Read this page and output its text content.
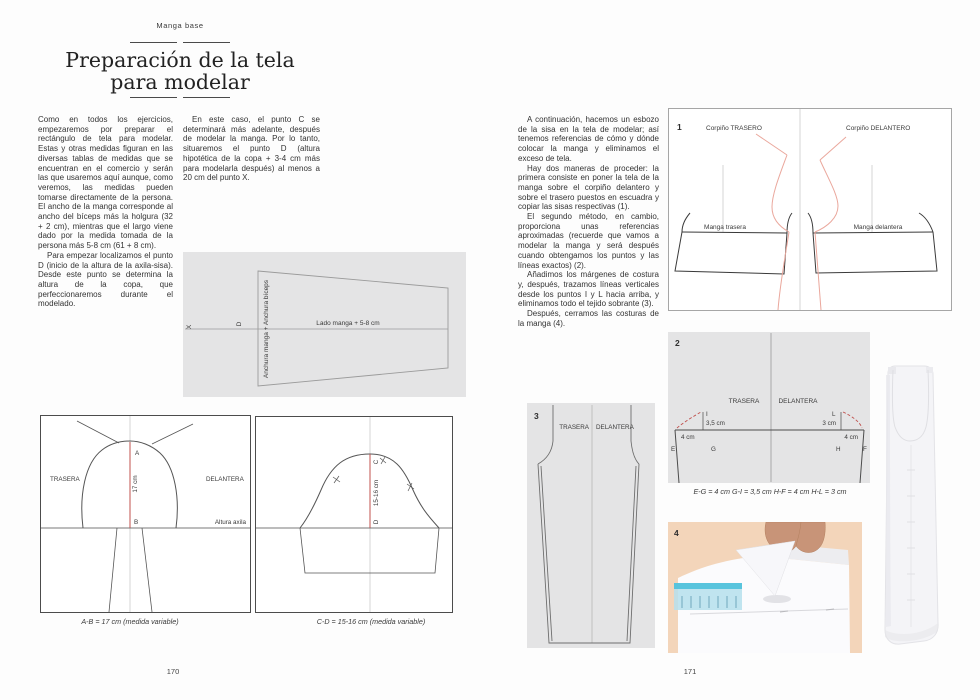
Manga base
Preparación de la tela
para modelar

Como en todos los ejercicios, empezaremos por preparar el rectángulo de tela para modelar. Estas y otras medidas figuran en las diversas tablas de medidas que se encuentran en el comercio y serán las que usaremos aquí aunque, como veremos, las medidas pueden tomarse directamente de la persona. El ancho de la manga corresponde al ancho del bíceps más la holgura (32 + 2 cm), mientras que el largo viene dado por la medida tomada de la persona más 5-8 cm (61 + 8 cm).

Para empezar localizamos el punto D (inicio de la altura de la axila-sisa). Desde este punto se determina la altura de la copa, que perfeccionaremos durante el modelado.

En este caso, el punto C se determinará más adelante, después de modelar la manga. Por lo tanto, situaremos el punto D (altura hipotética de la copa + 3-4 cm más para modelarla después) al menos a 20 cm del punto X.

X
D	Anchura manga + Anchura bíceps	Lado manga + 5-8 cm
TRASERA	DELANTERA
A
B
17 cm
Altura axila
A-B = 17 cm (medida variable)
C
15-16 cm
D
C-D = 15-16 cm (medida variable)
170

A continuación, hacemos un esbozo de la sisa en la tela de modelar; así tenemos referencias de cómo y dónde colocar la manga y eliminamos el exceso de tela.

Hay dos maneras de proceder: la primera consiste en poner la tela de la manga sobre el corpiño delantero y sobre el trasero puestos en escuadra y copiar las sisas respectivas (1).

El segundo método, en cambio, proporciona unas referencias aproximadas (recuerde que vamos a modelar la manga y será después cuando obtengamos los puntos y las líneas exactos) (2).

Añadimos los márgenes de costura y, después, trazamos líneas verticales desde los puntos I y L hacia arriba, y eliminamos todo el tejido sobrante (3).

Después, cerramos las costuras de la manga (4).

1	Corpiño TRASERO	Corpiño DELANTERO
Manga trasera	Manga delantera
2
TRASERA	DELANTERA
I
3,5 cm
L
3 cm
4 cm	4 cm
E	G	H	F
E-G = 4 cm G-I = 3,5 cm H-F = 4 cm H-L = 3 cm
3
TRASERA DELANTERA
4
171
